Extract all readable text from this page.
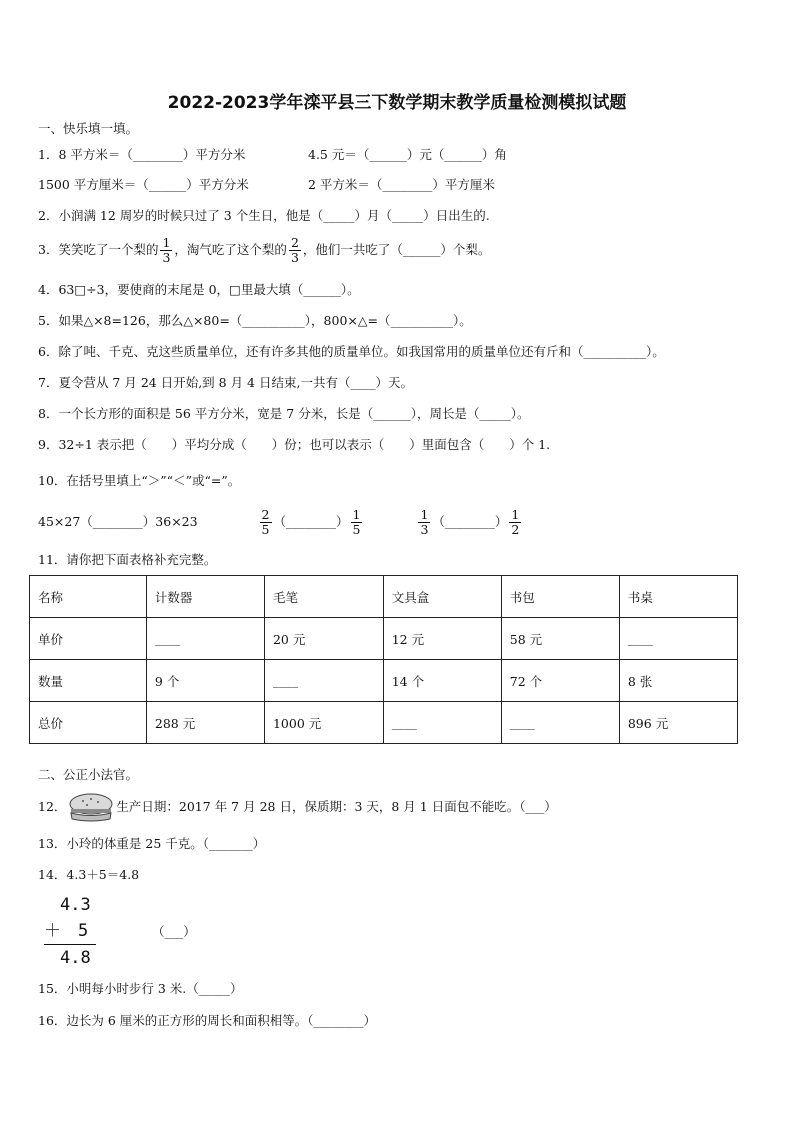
2022-2023学年滦平县三下数学期末教学质量检测模拟试题
一、快乐填一填。
1．8 平方米＝（________）平方分米	4.5 元＝（______）元（______）角
1500 平方厘米＝（______）平方分米	2 平方米＝（________）平方厘米
2．小润满 12 周岁的时候只过了 3 个生日，他是（_____）月（_____）日出生的.
3．笑笑吃了一个梨的 $\frac{1}{3}$ ，淘气吃了这个梨的 $\frac{2}{3}$ ，他们一共吃了（______）个梨。
4．63□÷3，要使商的末尾是 0，□里最大填（______）。
5．如果△×8=126，那么△×80=（__________），800×△=（__________）。
6．除了吨、千克、克这些质量单位，还有许多其他的质量单位。如我国常用的质量单位还有斤和（__________）。
7．夏令营从 7 月 24 日开始,到 8 月 4 日结束,一共有（____）天。
8．一个长方形的面积是 56 平方分米，宽是 7 分米，长是（______），周长是（_____）。
9．32÷1 表示把（　　）平均分成（　　）份；也可以表示（　　）里面包含（　　）个 1.
10．在括号里填上“＞”“＜”或“=”。
45×27（________）36×23	$\frac{2}{5}$ （________） $\frac{1}{5}$
	$\frac{1}{3}$ （________） $\frac{1}{2}$
11．请你把下面表格补充完整。
名称	计数器	毛笔	文具盒	书包	书桌
单价	____	20 元	12 元	58 元	____
数量	9 个	____	14 个	72 个	8 张
总价	288 元	1000 元	____	____	896 元
二、公正小法官。
12．	生产日期：2017 年 7 月 28 日，保质期：3 天，8 月 1 日面包不能吃。（___）
13．小玲的体重是 25 千克。（_______）
14．4.3＋5＝4.8
4.3
＋　5
4.8
（___）
15．小明每小时步行 3 米.（_____）
16．边长为 6 厘米的正方形的周长和面积相等。（________）
